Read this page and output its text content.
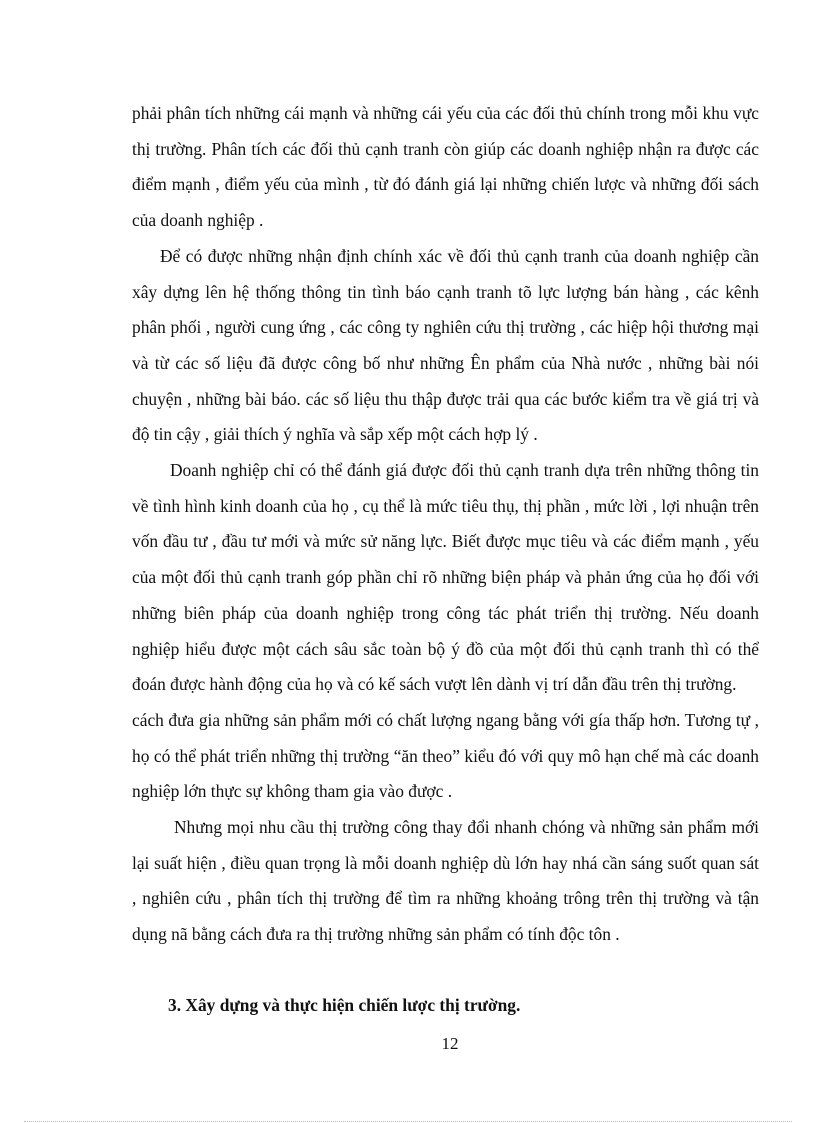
phải phân tích những cái mạnh và những cái yếu của các đối thủ chính trong mỗi khu vực thị trường. Phân tích các đối thủ cạnh tranh còn giúp các doanh nghiệp nhận ra được các điểm mạnh , điểm yếu của mình , từ đó đánh giá lại những chiến lược và những đối sách của doanh nghiệp .

Để có được những nhận định chính xác về đối thủ cạnh tranh của doanh nghiệp cần xây dựng lên hệ thống thông tin tình báo cạnh tranh tõ lực lượng bán hàng , các kênh phân phối , người cung ứng , các công ty nghiên cứu thị trường , các hiệp hội thương mại và từ các số liệu đã được công bố như những Ên phẩm của Nhà nước , những bài nói chuyện , những bài báo. các số liệu thu thập được trải qua các bước kiểm tra về giá trị và độ tin cậy , giải thích ý nghĩa và sắp xếp một cách hợp lý .

Doanh nghiệp chỉ có thể đánh giá được đối thủ cạnh tranh dựa trên những thông tin về tình hình kinh doanh của họ , cụ thể là mức tiêu thụ, thị phần , mức lời , lợi nhuận trên vốn đầu tư , đầu tư mới và mức sử năng lực. Biết được mục tiêu và các điểm mạnh , yếu của một đối thủ cạnh tranh góp phần chỉ rõ những biện pháp và phản ứng của họ đối với những biên pháp của doanh nghiệp trong công tác phát triển thị trường. Nếu doanh nghiệp hiểu được một cách sâu sắc toàn bộ ý đồ của một đối thủ cạnh tranh thì có thể đoán được hành động của họ và có kế sách vượt lên dành vị trí dẫn đầu trên thị trường.

cách đưa gia những sản phẩm mới có chất lượng ngang bằng với gía thấp hơn. Tương tự , họ có thể phát triển những thị trường “ăn theo” kiểu đó với quy mô hạn chế mà các doanh nghiệp lớn thực sự không tham gia vào được .

Nhưng mọi nhu cầu thị trường công thay đổi nhanh chóng và những sản phẩm mới lại suất hiện , điều quan trọng là mỗi doanh nghiệp dù lớn hay nhá cần sáng suốt quan sát , nghiên cứu , phân tích thị trường để tìm ra những khoảng trông trên thị trường và tận dụng nã bằng cách đưa ra thị trường những sản phẩm có tính độc tôn .

3. Xây dựng và thực hiện chiến lược thị trường.
12
